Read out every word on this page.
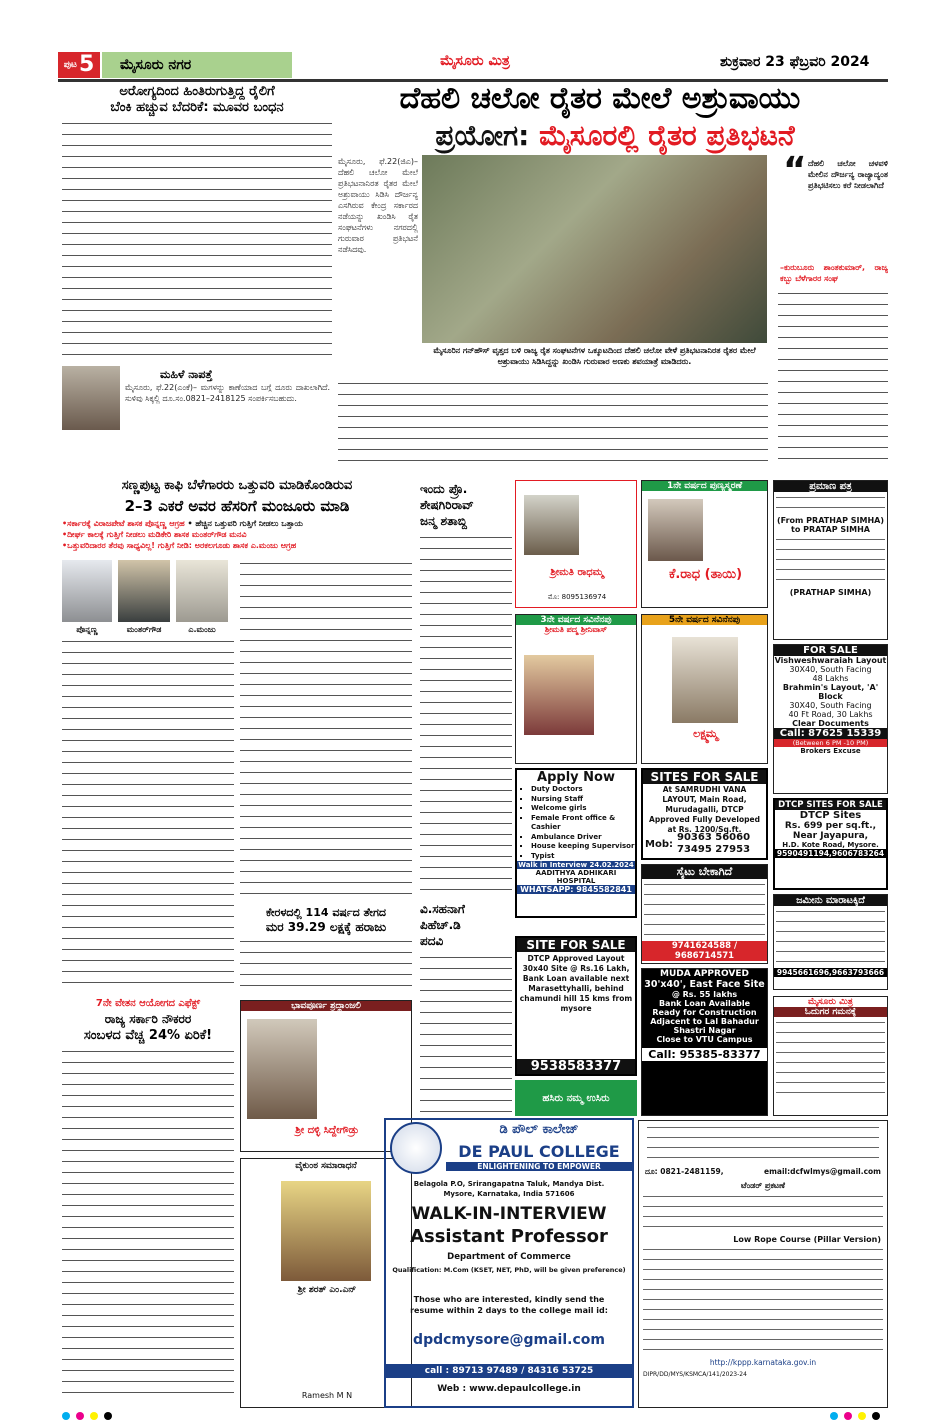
ಪುಟ5	ಮೈಸೂರು ನಗರ	ಮೈಸೂರು ಮಿತ್ರ	ಶುಕ್ರವಾರ 23 ಫೆಬ್ರವರಿ 2024
ದೆಹಲಿ ಚಲೋ ರೈತರ ಮೇಲೆ ಅಶ್ರುವಾಯು
ಪ್ರಯೋಗ: ಮೈಸೂರಲ್ಲಿ ರೈತರ ಪ್ರತಿಭಟನೆ
ಅರೋಗ್ಯದಿಂದ ಹಿಂತಿರುಗುತ್ತಿದ್ದ ರೈಲಿಗೆ
ಬೆಂಕಿ ಹಚ್ಚುವ ಬೆದರಿಕೆ: ಮೂವರ ಬಂಧನ
ಮಹಿಳೆ ನಾಪತ್ತೆ
ಮೈಸೂರು, ಫೆ.22(ಎಂಕೆ)– ಮಗಳನ್ನು ಕಾಣೆಯಾದ ಬಗ್ಗೆ ದೂರು ದಾಖಲಾಗಿದೆ. ಸುಳಿವು ಸಿಕ್ಕಲ್ಲಿ ದೂ.ಸಂ.0821–2418125 ಸಂಪರ್ಕಿಸಬಹುದು.
ಮೈಸೂರು, ಫೆ.22(ಜಿಎ)– ದೆಹಲಿ ಚಲೋ ಮೇಲೆ ಪ್ರತಿಭಟನಾನಿರತ ರೈತರ ಮೇಲೆ ಅಶ್ರುವಾಯು ಸಿಡಿಸಿ ದೌರ್ಜನ್ಯ ಎಸಗಿರುವ ಕೇಂದ್ರ ಸರ್ಕಾರದ ನಡೆಯನ್ನು ಖಂಡಿಸಿ ರೈತ ಸಂಘಟನೆಗಳು ನಗರದಲ್ಲಿ ಗುರುವಾರ ಪ್ರತಿಭಟನೆ ನಡೆಸಿದವು.
ಮೈಸೂರಿನ ಗನ್‌ಹೌಸ್ ವೃತ್ತದ ಬಳಿ ರಾಜ್ಯ ರೈತ ಸಂಘಟನೆಗಳ ಒಕ್ಕೂಟದಿಂದ ದೆಹಲಿ ಚಲೋ ವೇಳೆ ಪ್ರತಿಭಟನಾನಿರತ ರೈತರ ಮೇಲೆ ಅಶ್ರುವಾಯು ಸಿಡಿಸಿದ್ದನ್ನು ಖಂಡಿಸಿ ಗುರುವಾರ ಅಣಕು ಶವಯಾತ್ರೆ ಮಾಡಿದರು.
“ ದೆಹಲಿ ಚಲೋ ಚಳವಳಿ ಮೇಲಿನ ದೌರ್ಜನ್ಯ ರಾಜ್ಯಾದ್ಯಂತ ಪ್ರತಿಭಟಿಸಲು ಕರೆ ನೀಡಲಾಗಿದೆ
–ಕುರುಬೂರು ಶಾಂತಕುಮಾರ್, ರಾಜ್ಯ ಕಬ್ಬು ಬೆಳೆಗಾರರ ಸಂಘ
ಸಣ್ಣಪುಟ್ಟ ಕಾಫಿ ಬೆಳೆಗಾರರು ಒತ್ತುವರಿ ಮಾಡಿಕೊಂಡಿರುವ
2–3 ಎಕರೆ ಅವರ ಹೆಸರಿಗೆ ಮಂಜೂರು ಮಾಡಿ
•ಸರ್ಕಾರಕ್ಕೆ ವಿರಾಜಪೇಟೆ ಶಾಸಕ ಪೊನ್ನಣ್ಣ ಆಗ್ರಹ • ಹೆಚ್ಚಿನ ಒತ್ತುವರಿ ಗುತ್ತಿಗೆ ನೀಡಲು ಒತ್ತಾಯ
•ದೀರ್ಘ ಕಾಲಕ್ಕೆ ಗುತ್ತಿಗೆ ನೀಡಲು ಮಡಿಕೇರಿ ಶಾಸಕ ಮಂತರ್‌ಗೌಡ ಮನವಿ
•ಒತ್ತುವರಿದಾರರ ತೆರವು ಸಾಧ್ಯವಿಲ್ಲ! ಗುತ್ತಿಗೆ ನೀಡಿ: ಅರಕಲಗೂಡು ಶಾಸಕ ಎ.ಮಂಜು ಆಗ್ರಹ
ಪೊನ್ನಣ್ಣ	ಮಂತರ್‌ಗೌಡ	ಎ.ಮಂಜು
ಕೇರಳದಲ್ಲಿ 114 ವರ್ಷದ ತೇಗದ
ಮರ 39.29 ಲಕ್ಷಕ್ಕೆ ಹರಾಜು
7ನೇ ವೇತನ ಆಯೋಗದ ಎಫೆಕ್ಟ್
ರಾಜ್ಯ ಸರ್ಕಾರಿ ನೌಕರರ
ಸಂಬಳದ ವೆಚ್ಚ 24% ಏರಿಕೆ!
ಭಾವಪೂರ್ಣ ಶ್ರದ್ಧಾಂಜಲಿ
ಶ್ರೀ ದಳ್ಳಿ ಸಿದ್ದೇಗೌಡ್ರು
ವೈಕುಂಠ ಸಮಾರಾಧನೆ
ಶ್ರೀ ಶರತ್ ಎಂ.ಎನ್
Ramesh M N
ಇಂದು ಪ್ರೊ.
ಶೇಷಗಿರಿರಾವ್
ಜನ್ಮ ಶತಾಬ್ದಿ
ವಿ.ಸಹನಾಗೆ
ಪಿಹೆಚ್.ಡಿ
ಪದವಿ
ಶ್ರೀಮತಿ ರಾಧಮ್ಮ
ಮೊ: 8095136974
1ನೇ ವರ್ಷದ ಪುಣ್ಯಸ್ಮರಣೆ
ಕೆ.ರಾಧ (ತಾಯಿ)
3ನೇ ವರ್ಷದ ಸವಿನೆನಪು
ಶ್ರೀಮತಿ ಪದ್ಮ ಶ್ರೀನಿವಾಸ್
5ನೇ ವರ್ಷದ ಸವಿನೆನಪು
ಲಕ್ಷ್ಮಮ್ಮ
Apply Now
▪ Duty Doctors
▪ Nursing Staff
▪ Welcome girls
▪ Female Front office & Cashier
▪ Ambulance Driver
▪ House keeping Supervisor
▪ Typist
Walk in Interview 24.02.2024
AADITHYA ADHIKARI HOSPITAL
WHATSAPP: 9845582841
SITES FOR SALE
At SAMRUDHI VANA LAYOUT, Main Road, Murudagalli, DTCP Approved Fully Developed at Rs. 1200/Sq.ft.
Mob:
90363 56060
73495 27953
ಸೈಟು ಬೇಕಾಗಿದೆ
9741624588 / 9686714571
SITE FOR SALE
DTCP Approved Layout 30x40 Site @ Rs.16 Lakh, Bank Loan available next Marasettyhalli, behind chamundi hill 15 kms from mysore
9538583377
ಹಸಿರು ನಮ್ಮ ಉಸಿರು
MUDA APPROVED
30'x40', East Face Site
@ Rs. 55 lakhs
Bank Loan Available
Ready for Construction
Adjacent to Lal Bahadur
Shastri Nagar
Close to VTU Campus
Call: 95385-83377
ಪ್ರಮಾಣ ಪತ್ರ
(From PRATHAP SIMHA) to PRATAP SIMHA
(PRATHAP SIMHA)
FOR SALE
Vishweshwaraiah Layout
30X40, South Facing
48 Lakhs
Brahmin's Layout, 'A' Block
30X40, South Facing
40 Ft Road, 30 Lakhs
Clear Documents
Call: 87625 15339
(Between 6 PM -10 PM)
Brokers Excuse
DTCP SITES FOR SALE
DTCP Sites
Rs. 699 per sq.ft.,
Near Jayapura,
H.D. Kote Road, Mysore.
9590491194,9606783264
ಜಮೀನು ಮಾರಾಟಕ್ಕಿದೆ
9945661696,9663793666
ಮೈಸೂರು ಮಿತ್ರ
ಓದುಗರ ಗಮನಕ್ಕೆ
ಡಿ ಪೌಲ್ ಕಾಲೇಜ್
DE PAUL COLLEGE
ENLIGHTENING TO EMPOWER
Belagola P.O, Srirangapatna Taluk, Mandya Dist.
Mysore, Karnataka, India 571606
WALK-IN-INTERVIEW
Assistant Professor
Department of Commerce
Qualification: M.Com (KSET, NET, PhD, will be given preference)
Those who are interested, kindly send the resume within 2 days to the college mail id:
dpdcmysore@gmail.com
call : 89713 97489 / 84316 53725
Web : www.depaulcollege.in
ದೂ: 0821-2481159,	email:dcfwlmys@gmail.com
ಟೆಂಡರ್ ಪ್ರಕಟಣೆ
Low Rope Course (Pillar Version)
http://kppp.karnataka.gov.in
DIPR/DD/MYS/KSMCA/141/2023-24
